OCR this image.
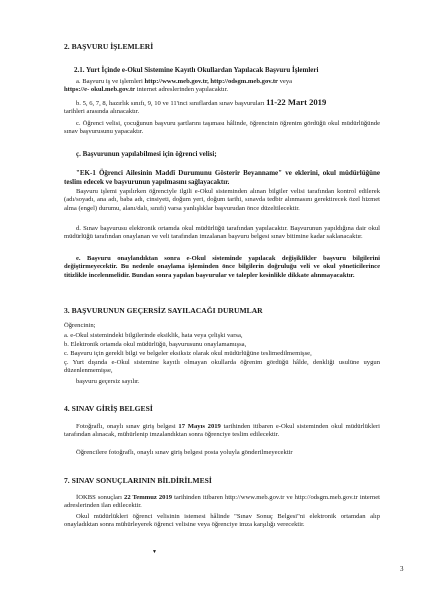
2. BAŞVURU İŞLEMLERİ
2.1. Yurt İçinde e-Okul Sistemine Kayıtlı Okullardan Yapılacak Başvuru İşlemleri
a. Başvuru iş ve işlemleri http://www.meb.gov.tr, http://odsgm.meb.gov.tr veya
https://e- okul.meb.gov.tr internet adreslerinden yapılacaktır.
b. 5, 6, 7, 8, hazırlık sınıfı, 9, 10 ve 11'inci sınıflardan sınav başvuruları 11-22 Mart 2019
tarihleri arasında alınacaktır.
c. Öğrenci velisi, çocuğunun başvuru şartlarını taşıması hâlinde, öğrencinin öğrenim gördüğü okul müdürlüğünde sınav başvurusunu yapacaktır.
ç. Başvurunun yapılabilmesi için öğrenci velisi;
"EK-1 Öğrenci Ailesinin Maddî Durumunu Gösterir Beyanname" ve eklerini, okul müdürlüğüne teslim edecek ve başvurunun yapılmasını sağlayacaktır.
Başvuru işlemi yapılırken öğrenciyle ilgili e-Okul sisteminden alınan bilgiler velisi tarafından kontrol edilerek (adı/soyadı, ana adı, baba adı, cinsiyeti, doğum yeri, doğum tarihi, sınavda tedbir alınmasını gerektirecek özel hizmet alma (engel) durumu, alanı/dalı, sınıfı) varsa yanlışlıklar başvurudan önce düzeltilecektir.
d. Sınav başvurusu elektronik ortamda okul müdürlüğü tarafından yapılacaktır. Başvurunun yapıldığına dair okul müdürlüğü tarafından onaylanan ve veli tarafından imzalanan başvuru belgesi sınav bitimine kadar saklanacaktır.
e. Başvuru onaylandıktan sonra e-Okul sisteminde yapılacak değişiklikler başvuru bilgilerini değiştirmeyecektir. Bu nedenle onaylama işleminden önce bilgilerin doğruluğu veli ve okul yöneticilerince titizlikle incelenmelidir. Bundan sonra yapılan başvurular ve talepler kesinlikle dikkate alınmayacaktır.
3. BAŞVURUNUN GEÇERSİZ SAYILACAĞI DURUMLAR
Öğrencinin;
a. e-Okul sistemindeki bilgilerinde eksiklik, hata veya çelişki varsa,
b. Elektronik ortamda okul müdürlüğü, başvurusunu onaylamamışsa,
c. Başvuru için gerekli bilgi ve belgeler eksiksiz olarak okul müdürlüğüne teslimedilmemişse,
ç. Yurt dışında e-Okul sistemine kayıtlı olmayan okullarda öğrenim gördüğü hâlde, denkliği usulüne uygun düzenlenmemişse,
başvuru geçersiz sayılır.
4. SINAV GİRİŞ BELGESİ
Fotoğraflı, onaylı sınav giriş belgesi 17 Mayıs 2019 tarihinden itibaren e-Okul sisteminden okul müdürlükleri tarafından alınacak, mühürlenip imzalandıktan sonra öğrenciye teslim edilecektir.
Öğrencilere fotoğraflı, onaylı sınav giriş belgesi posta yoluyla gönderilmeyecektir
7. SINAV SONUÇLARININ BİLDİRİLMESİ
İOKBS sonuçları 22 Temmuz 2019 tarihinden itibaren http://www.meb.gov.tr ve http://odsgm.meb.gov.tr internet adreslerinden ilan edilecektir.
Okul müdürlükleri öğrenci velisinin istemesi hâlinde "Sınav Sonuç Belgesi"ni elektronik ortamdan alıp onayladıktan sonra mühürleyerek öğrenci velisine veya öğrenciye imza karşılığı verecektir.
▼
3
